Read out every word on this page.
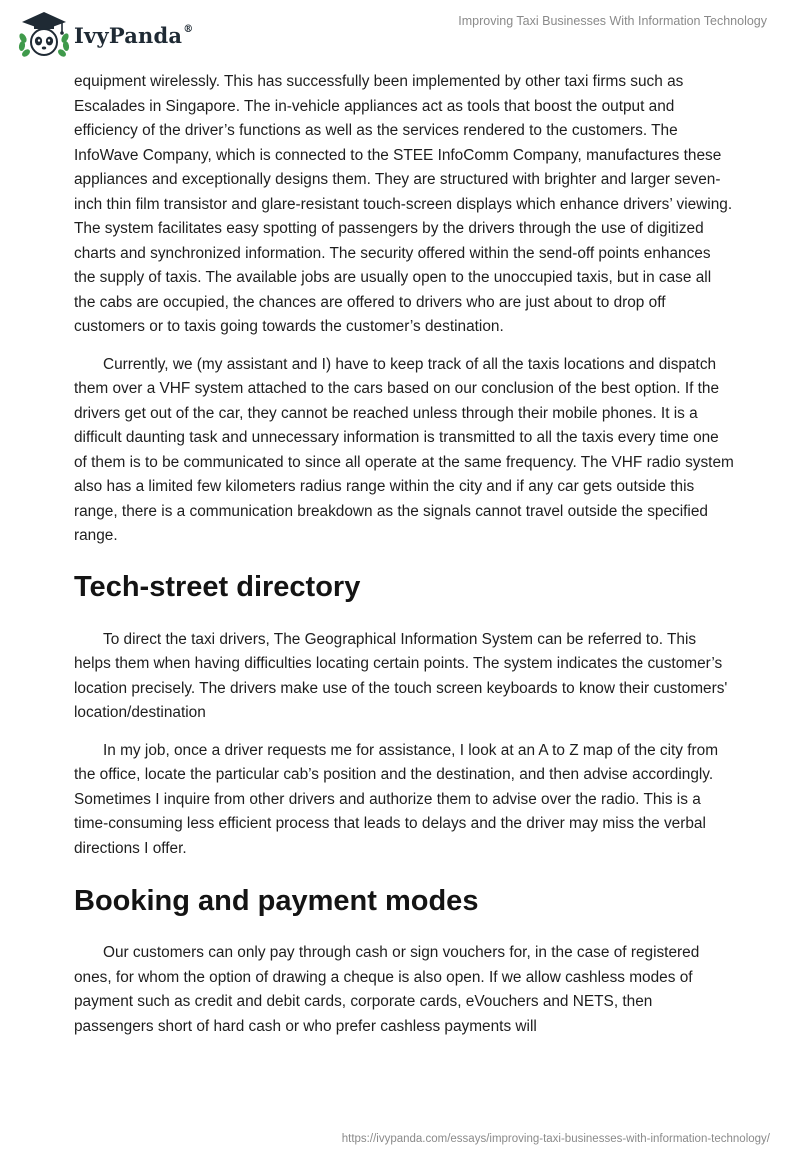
IvyPanda®
Improving Taxi Businesses With Information Technology

equipment wirelessly. This has successfully been implemented by other taxi firms such as Escalades in Singapore. The in-vehicle appliances act as tools that boost the output and efficiency of the driver’s functions as well as the services rendered to the customers. The InfoWave Company, which is connected to the STEE InfoComm Company, manufactures these appliances and exceptionally designs them. They are structured with brighter and larger seven-inch thin film transistor and glare-resistant touch-screen displays which enhance drivers’ viewing. The system facilitates easy spotting of passengers by the drivers through the use of digitized charts and synchronized information. The security offered within the send-off points enhances the supply of taxis. The available jobs are usually open to the unoccupied taxis, but in case all the cabs are occupied, the chances are offered to drivers who are just about to drop off customers or to taxis going towards the customer’s destination.

Currently, we (my assistant and I) have to keep track of all the taxis locations and dispatch them over a VHF system attached to the cars based on our conclusion of the best option. If the drivers get out of the car, they cannot be reached unless through their mobile phones. It is a difficult daunting task and unnecessary information is transmitted to all the taxis every time one of them is to be communicated to since all operate at the same frequency. The VHF radio system also has a limited few kilometers radius range within the city and if any car gets outside this range, there is a communication breakdown as the signals cannot travel outside the specified range.

Tech-street directory

To direct the taxi drivers, The Geographical Information System can be referred to. This helps them when having difficulties locating certain points. The system indicates the customer’s location precisely. The drivers make use of the touch screen keyboards to know their customers' location/destination

In my job, once a driver requests me for assistance, I look at an A to Z map of the city from the office, locate the particular cab’s position and the destination, and then advise accordingly. Sometimes I inquire from other drivers and authorize them to advise over the radio. This is a time-consuming less efficient process that leads to delays and the driver may miss the verbal directions I offer.

Booking and payment modes

Our customers can only pay through cash or sign vouchers for, in the case of registered ones, for whom the option of drawing a cheque is also open. If we allow cashless modes of payment such as credit and debit cards, corporate cards, eVouchers and NETS, then passengers short of hard cash or who prefer cashless payments will

https://ivypanda.com/essays/improving-taxi-businesses-with-information-technology/
